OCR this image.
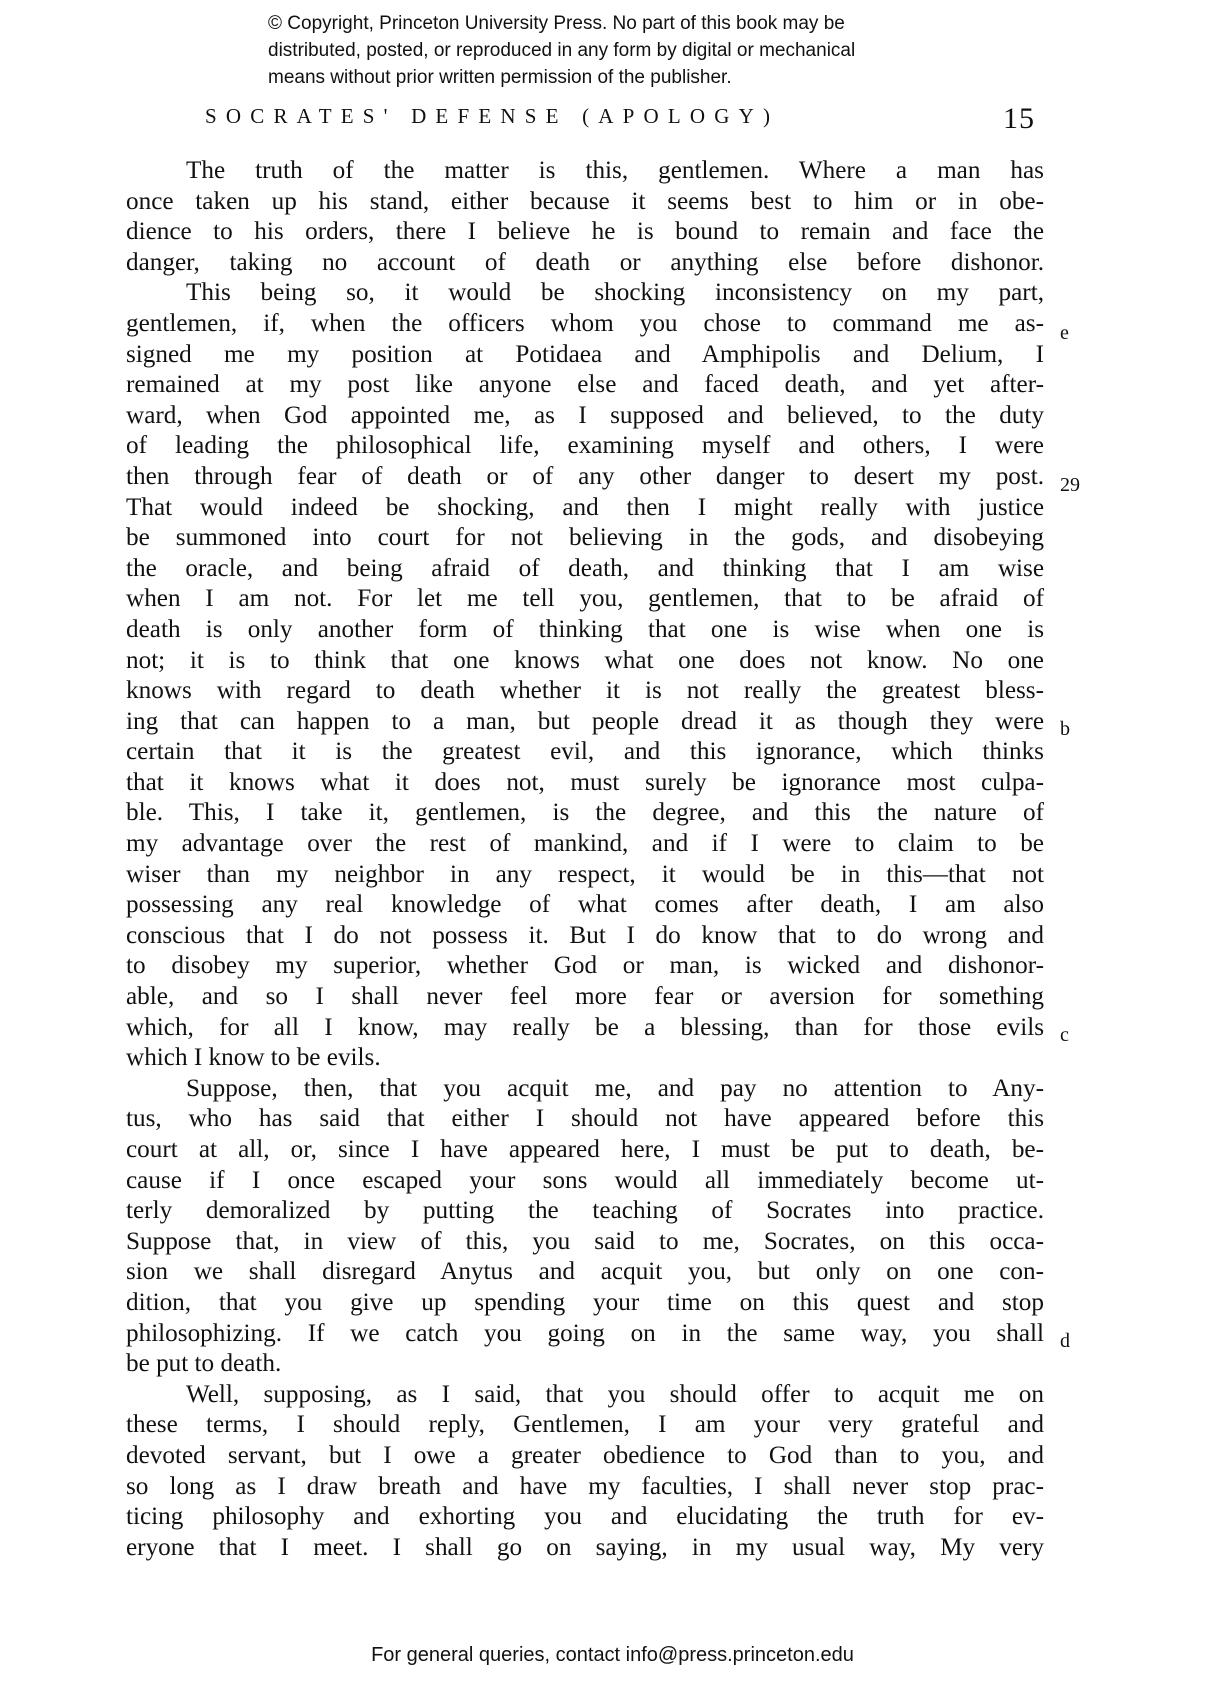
© Copyright, Princeton University Press. No part of this book may be
distributed, posted, or reproduced in any form by digital or mechanical
means without prior written permission of the publisher.
SOCRATES' DEFENSE (APOLOGY)	15

The truth of the matter is this, gentlemen. Where a man has
once taken up his stand, either because it seems best to him or in obe-
dience to his orders, there I believe he is bound to remain and face the
danger, taking no account of death or anything else before dishonor.

This being so, it would be shocking inconsistency on my part,
gentlemen, if, when the officers whom you chose to command me as-
signed me my position at Potidaea and Amphipolis and Delium, I
remained at my post like anyone else and faced death, and yet after-
ward, when God appointed me, as I supposed and believed, to the duty
of leading the philosophical life, examining myself and others, I were
then through fear of death or of any other danger to desert my post.
That would indeed be shocking, and then I might really with justice
be summoned into court for not believing in the gods, and disobeying
the oracle, and being afraid of death, and thinking that I am wise
when I am not. For let me tell you, gentlemen, that to be afraid of
death is only another form of thinking that one is wise when one is
not; it is to think that one knows what one does not know. No one
knows with regard to death whether it is not really the greatest bless-
ing that can happen to a man, but people dread it as though they were
certain that it is the greatest evil, and this ignorance, which thinks
that it knows what it does not, must surely be ignorance most culpa-
ble. This, I take it, gentlemen, is the degree, and this the nature of
my advantage over the rest of mankind, and if I were to claim to be
wiser than my neighbor in any respect, it would be in this—that not
possessing any real knowledge of what comes after death, I am also
conscious that I do not possess it. But I do know that to do wrong and
to disobey my superior, whether God or man, is wicked and dishonor-
able, and so I shall never feel more fear or aversion for something
which, for all I know, may really be a blessing, than for those evils
which I know to be evils.

Suppose, then, that you acquit me, and pay no attention to Any-
tus, who has said that either I should not have appeared before this
court at all, or, since I have appeared here, I must be put to death, be-
cause if I once escaped your sons would all immediately become ut-
terly demoralized by putting the teaching of Socrates into practice.
Suppose that, in view of this, you said to me, Socrates, on this occa-
sion we shall disregard Anytus and acquit you, but only on one con-
dition, that you give up spending your time on this quest and stop
philosophizing. If we catch you going on in the same way, you shall
be put to death.

Well, supposing, as I said, that you should offer to acquit me on
these terms, I should reply, Gentlemen, I am your very grateful and
devoted servant, but I owe a greater obedience to God than to you, and
so long as I draw breath and have my faculties, I shall never stop prac-
ticing philosophy and exhorting you and elucidating the truth for ev-
eryone that I meet. I shall go on saying, in my usual way, My very

e
29
b
c
d
For general queries, contact info@press.princeton.edu
